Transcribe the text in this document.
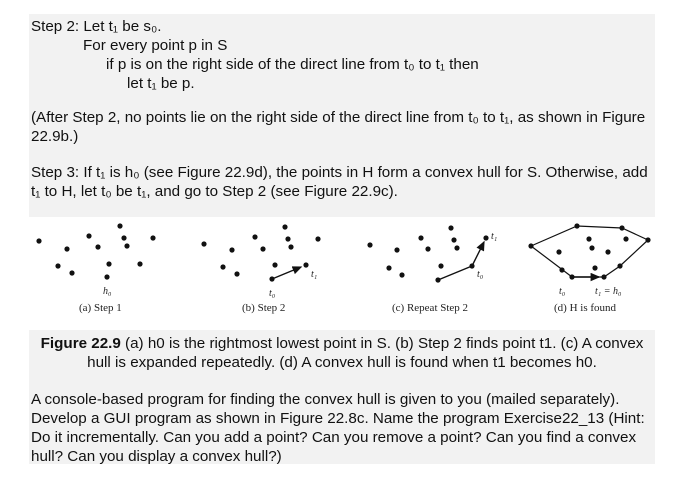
Step 2: Let t₁ be s₀.
For every point p in S
if p is on the right side of the direct line from t₀ to t₁ then
let t₁ be p.
(After Step 2, no points lie on the right side of the direct line from t₀ to t₁, as shown in Figure 22.9b.)
Step 3: If t₁ is h₀ (see Figure 22.9d), the points in H form a convex hull for S. Otherwise, add t₁ to H, let t₀ be t₁, and go to Step 2 (see Figure 22.9c).
h₀
(a) Step 1
t₀
t₁
(b) Step 2
t₀
t₁
(c) Repeat Step 2
t₀	t₁ = h₀
(d) H is found
Figure 22.9 (a) h0 is the rightmost lowest point in S. (b) Step 2 finds point t1. (c) A convex hull is expanded repeatedly. (d) A convex hull is found when t1 becomes h0.
A console-based program for finding the convex hull is given to you (mailed separately). Develop a GUI program as shown in Figure 22.8c. Name the program Exercise22_13 (Hint: Do it incrementally. Can you add a point? Can you remove a point? Can you find a convex hull? Can you display a convex hull?)
